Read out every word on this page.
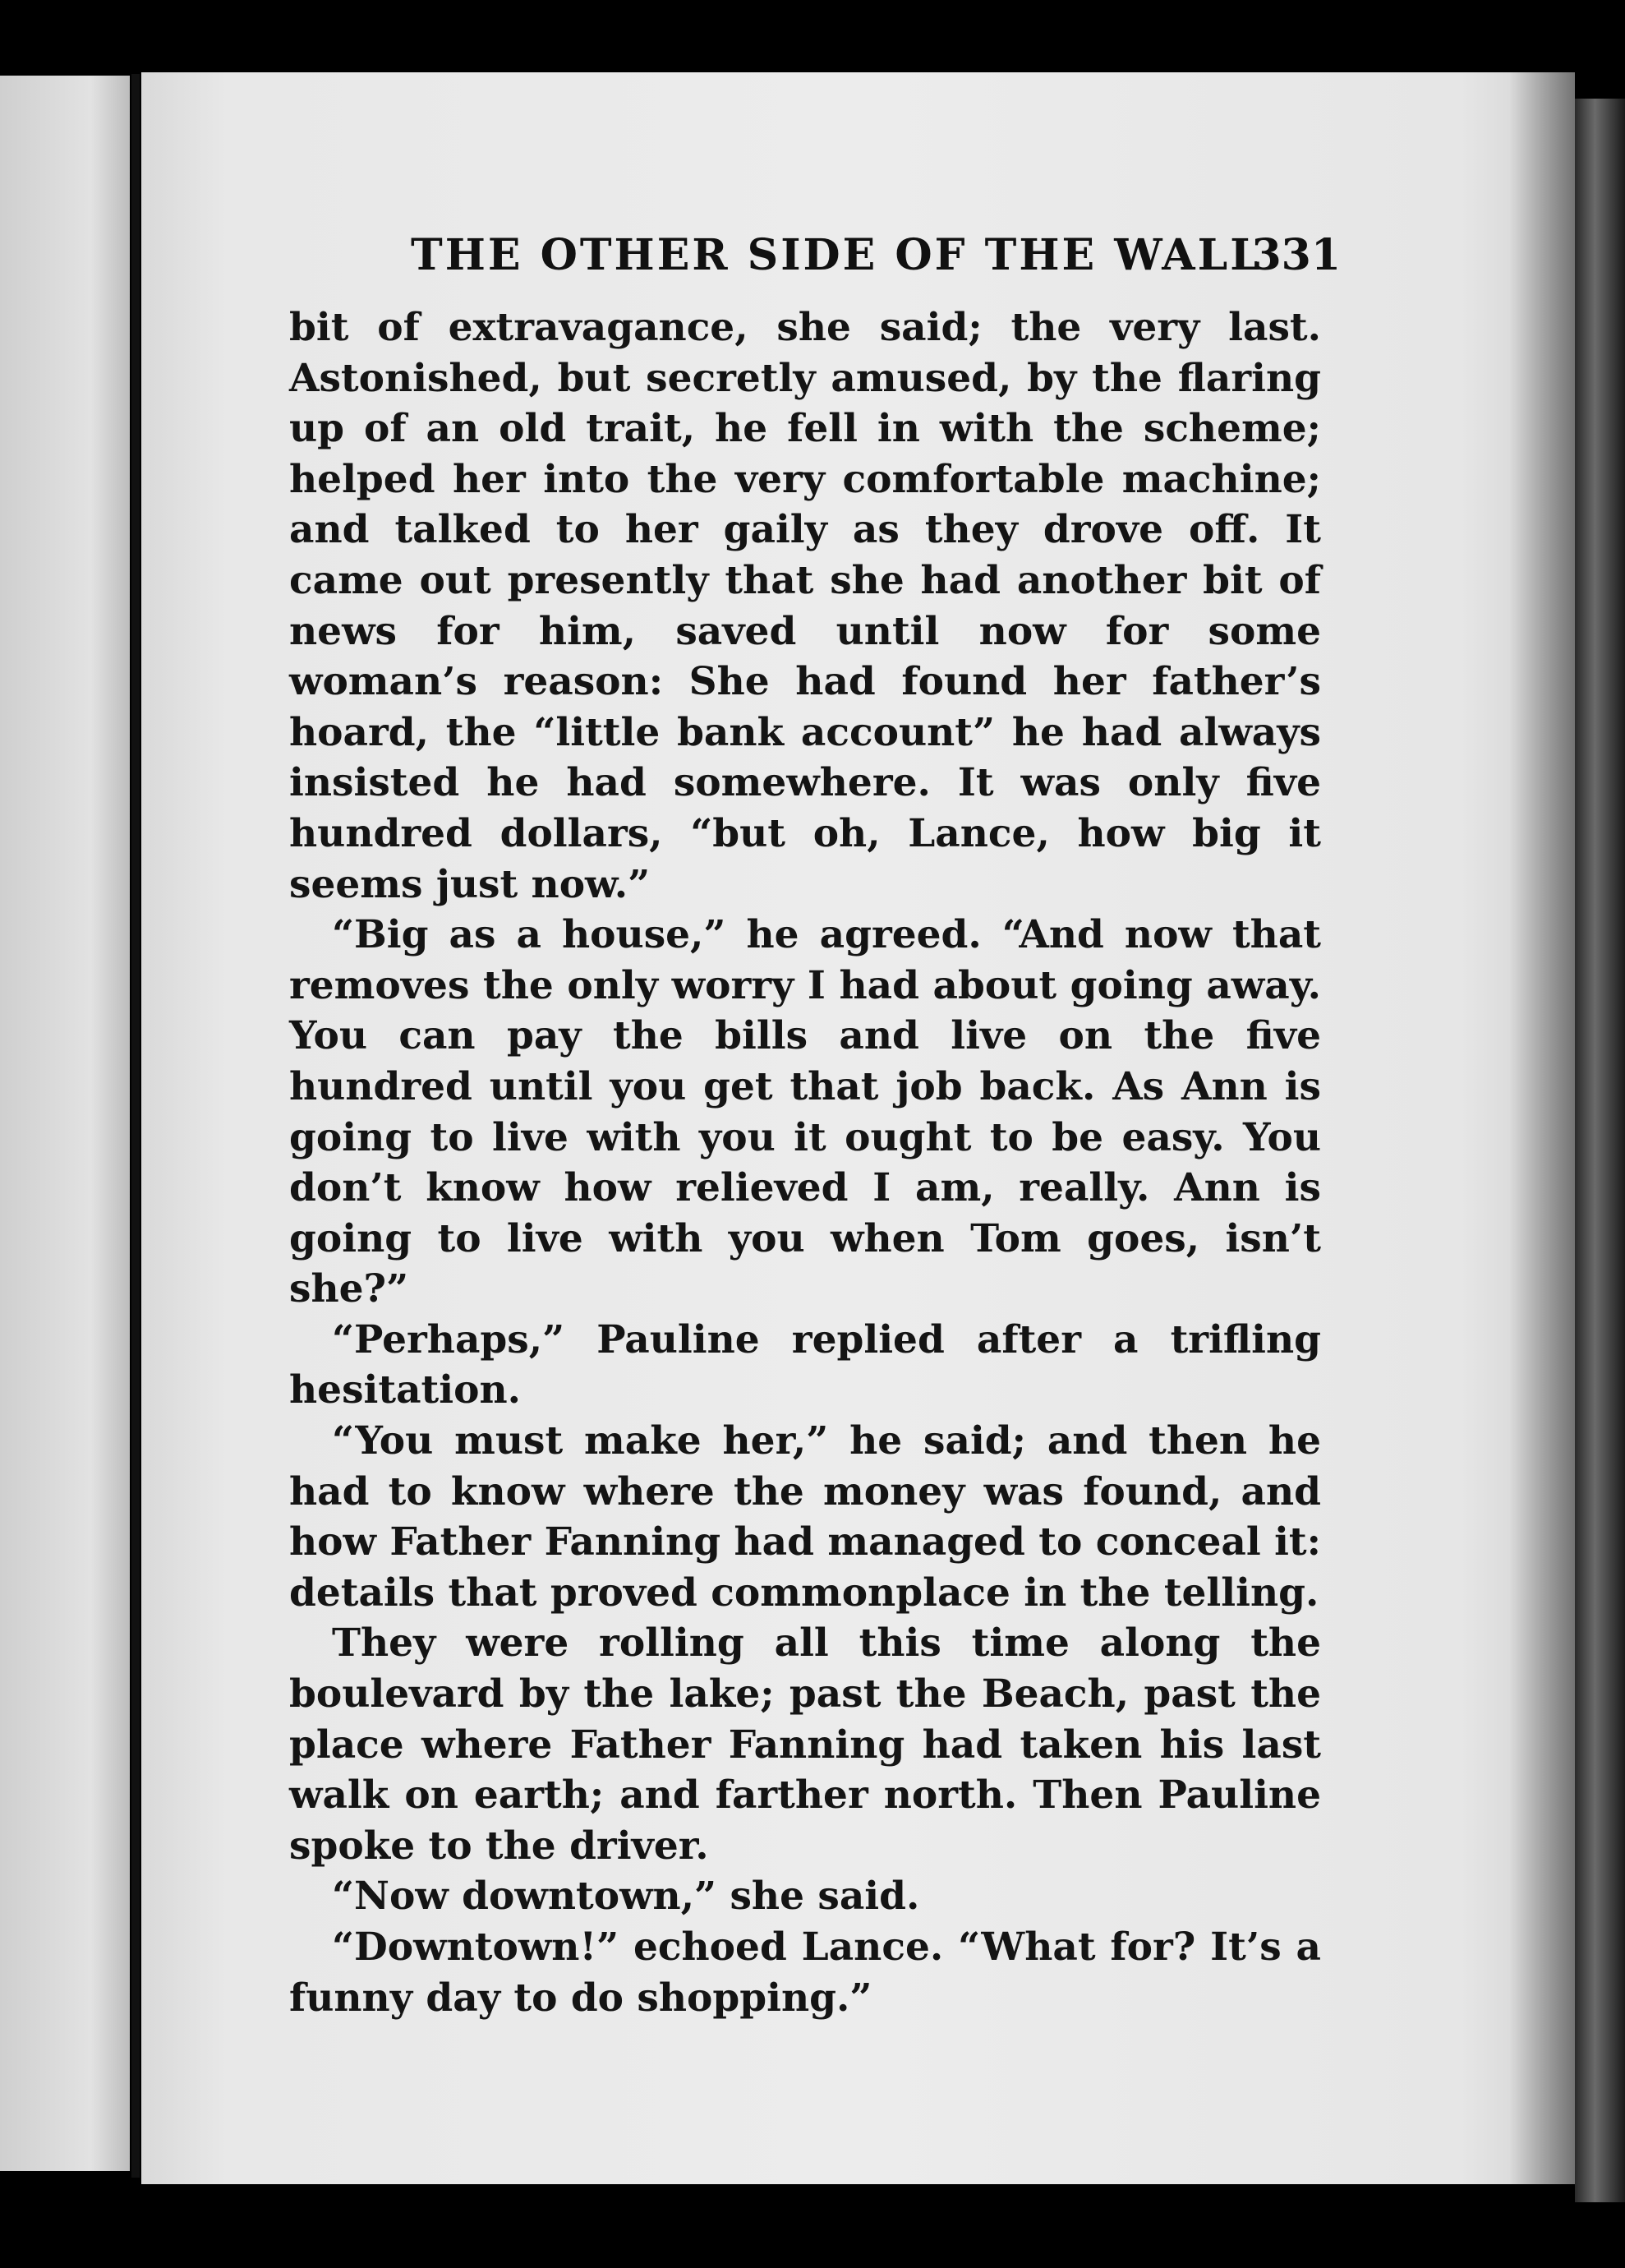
THE OTHER SIDE OF THE WALL
331

bit of extravagance, she said; the very last. Astonished, but secretly amused, by the flaring up of an old trait, he fell in with the scheme; helped her into the very comfortable machine; and talked to her gaily as they drove off. It came out presently that she had another bit of news for him, saved until now for some woman’s reason: She had found her father’s hoard, the “little bank account” he had always insisted he had somewhere. It was only five hundred dollars, “but oh, Lance, how big it seems just now.”

“Big as a house,” he agreed. “And now that removes the only worry I had about going away. You can pay the bills and live on the five hundred until you get that job back. As Ann is going to live with you it ought to be easy. You don’t know how relieved I am, really. Ann is going to live with you when Tom goes, isn’t she?”

“Perhaps,” Pauline replied after a trifling hesitation.

“You must make her,” he said; and then he had to know where the money was found, and how Father Fanning had managed to conceal it: details that proved commonplace in the telling.

They were rolling all this time along the boulevard by the lake; past the Beach, past the place where Father Fanning had taken his last walk on earth; and farther north. Then Pauline spoke to the driver.

“Now downtown,” she said.

“Downtown!” echoed Lance. “What for? It’s a funny day to do shopping.”
